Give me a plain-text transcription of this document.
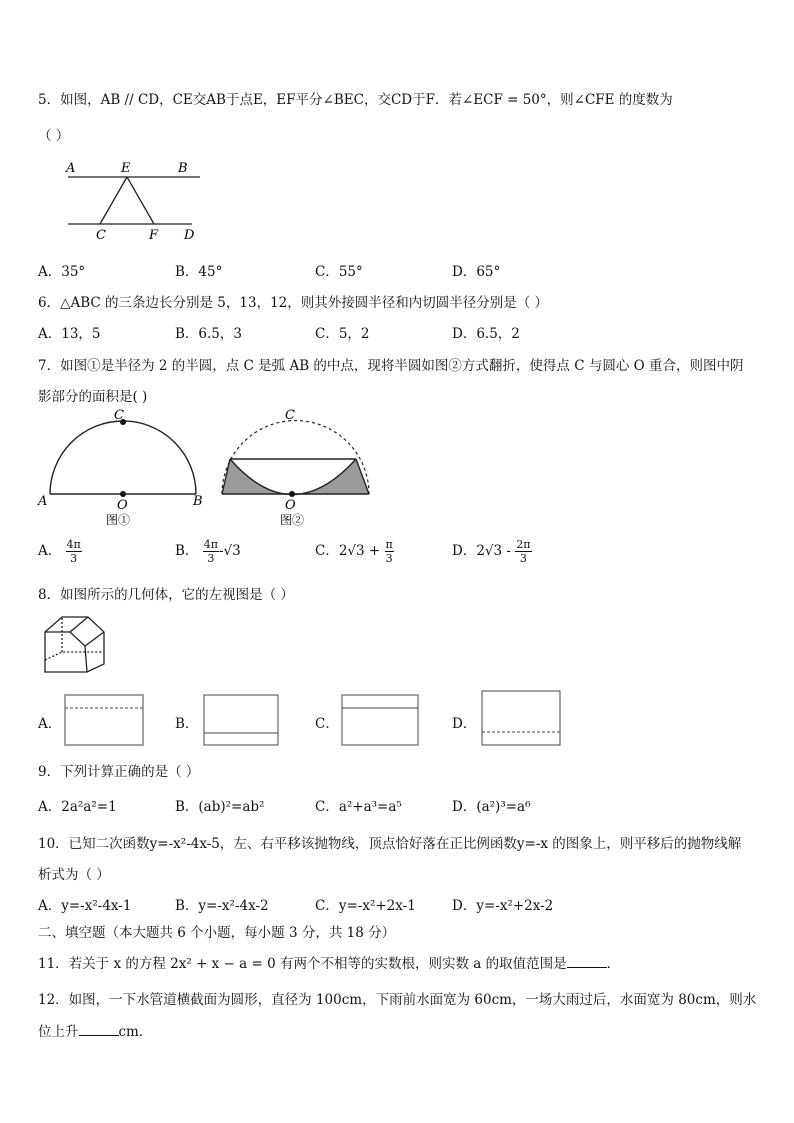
5．如图，AB // CD，CE交AB于点E，EF平分∠BEC，交CD于F．若∠ECF = 50°，则∠CFE 的度数为
（ ）
A	E	B
C	F D
A．35°	B．45°	C．55°	D．65°
6．△ABC 的三条边长分别是 5，13，12，则其外接圆半径和内切圆半径分别是（ ）
A．13，5	B．6.5，3	C．5，2	D．6.5，2
7．如图①是半径为 2 的半圆，点 C 是弧 AB 的中点，现将半圆如图②方式翻折，使得点 C 与圆心 O 重合，则图中阴
影部分的面积是( )
C
A	O	B
图①
C
O
图②
A． $\frac{4\pi}{3}$	B． $\frac{4\pi}{3} -√3$	C．$2√3 + \frac{\pi}{3}$	D．$2√3 - \frac{2\pi}{3}$
8．如图所示的几何体，它的左视图是（ ）
A．	B．	C．	D．
9．下列计算正确的是（ ）
A．2a²a²=1	B．(ab)²=ab²	C．a²+a³=a⁵	D．(a²)³=a⁶
10．已知二次函数y=-x²-4x-5，左、右平移该抛物线，顶点恰好落在正比例函数y=-x 的图象上，则平移后的抛物线解
析式为（ ）
A．y=-x²-4x-1	B．y=-x²-4x-2	C．y=-x²+2x-1	D．y=-x²+2x-2
二、填空题（本大题共 6 个小题，每小题 3 分，共 18 分）
11．若关于 x 的方程 2x² + x − a = 0 有两个不相等的实数根，则实数 a 的取值范围是	．
12．如图，一下水管道横截面为圆形，直径为 100cm，下雨前水面宽为 60cm，一场大雨过后，水面宽为 80cm，则水
位上升	cm．
